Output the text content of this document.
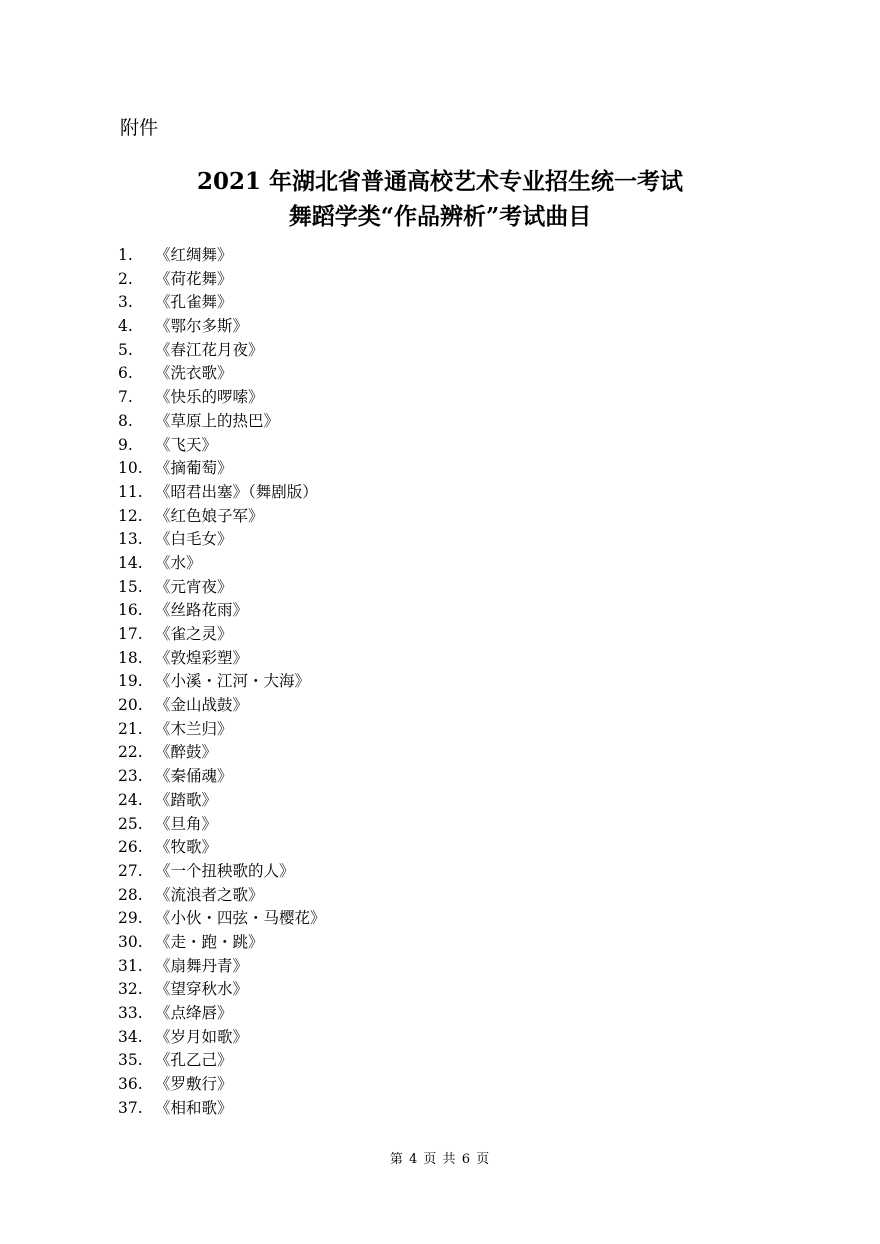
附件
2021 年湖北省普通高校艺术专业招生统一考试
舞蹈学类“作品辨析”考试曲目
1. 《红绸舞》
2. 《荷花舞》
3. 《孔雀舞》
4. 《鄂尔多斯》
5. 《春江花月夜》
6. 《洗衣歌》
7. 《快乐的啰嗦》
8. 《草原上的热巴》
9. 《飞天》
10. 《摘葡萄》
11. 《昭君出塞》（舞剧版）
12. 《红色娘子军》
13. 《白毛女》
14. 《水》
15. 《元宵夜》
16. 《丝路花雨》
17. 《雀之灵》
18. 《敦煌彩塑》
19. 《小溪・江河・大海》
20. 《金山战鼓》
21. 《木兰归》
22. 《醉鼓》
23. 《秦俑魂》
24. 《踏歌》
25. 《旦角》
26. 《牧歌》
27. 《一个扭秧歌的人》
28. 《流浪者之歌》
29. 《小伙・四弦・马樱花》
30. 《走・跑・跳》
31. 《扇舞丹青》
32. 《望穿秋水》
33. 《点绛唇》
34. 《岁月如歌》
35. 《孔乙己》
36. 《罗敷行》
37. 《相和歌》
第 4 页 共 6 页
